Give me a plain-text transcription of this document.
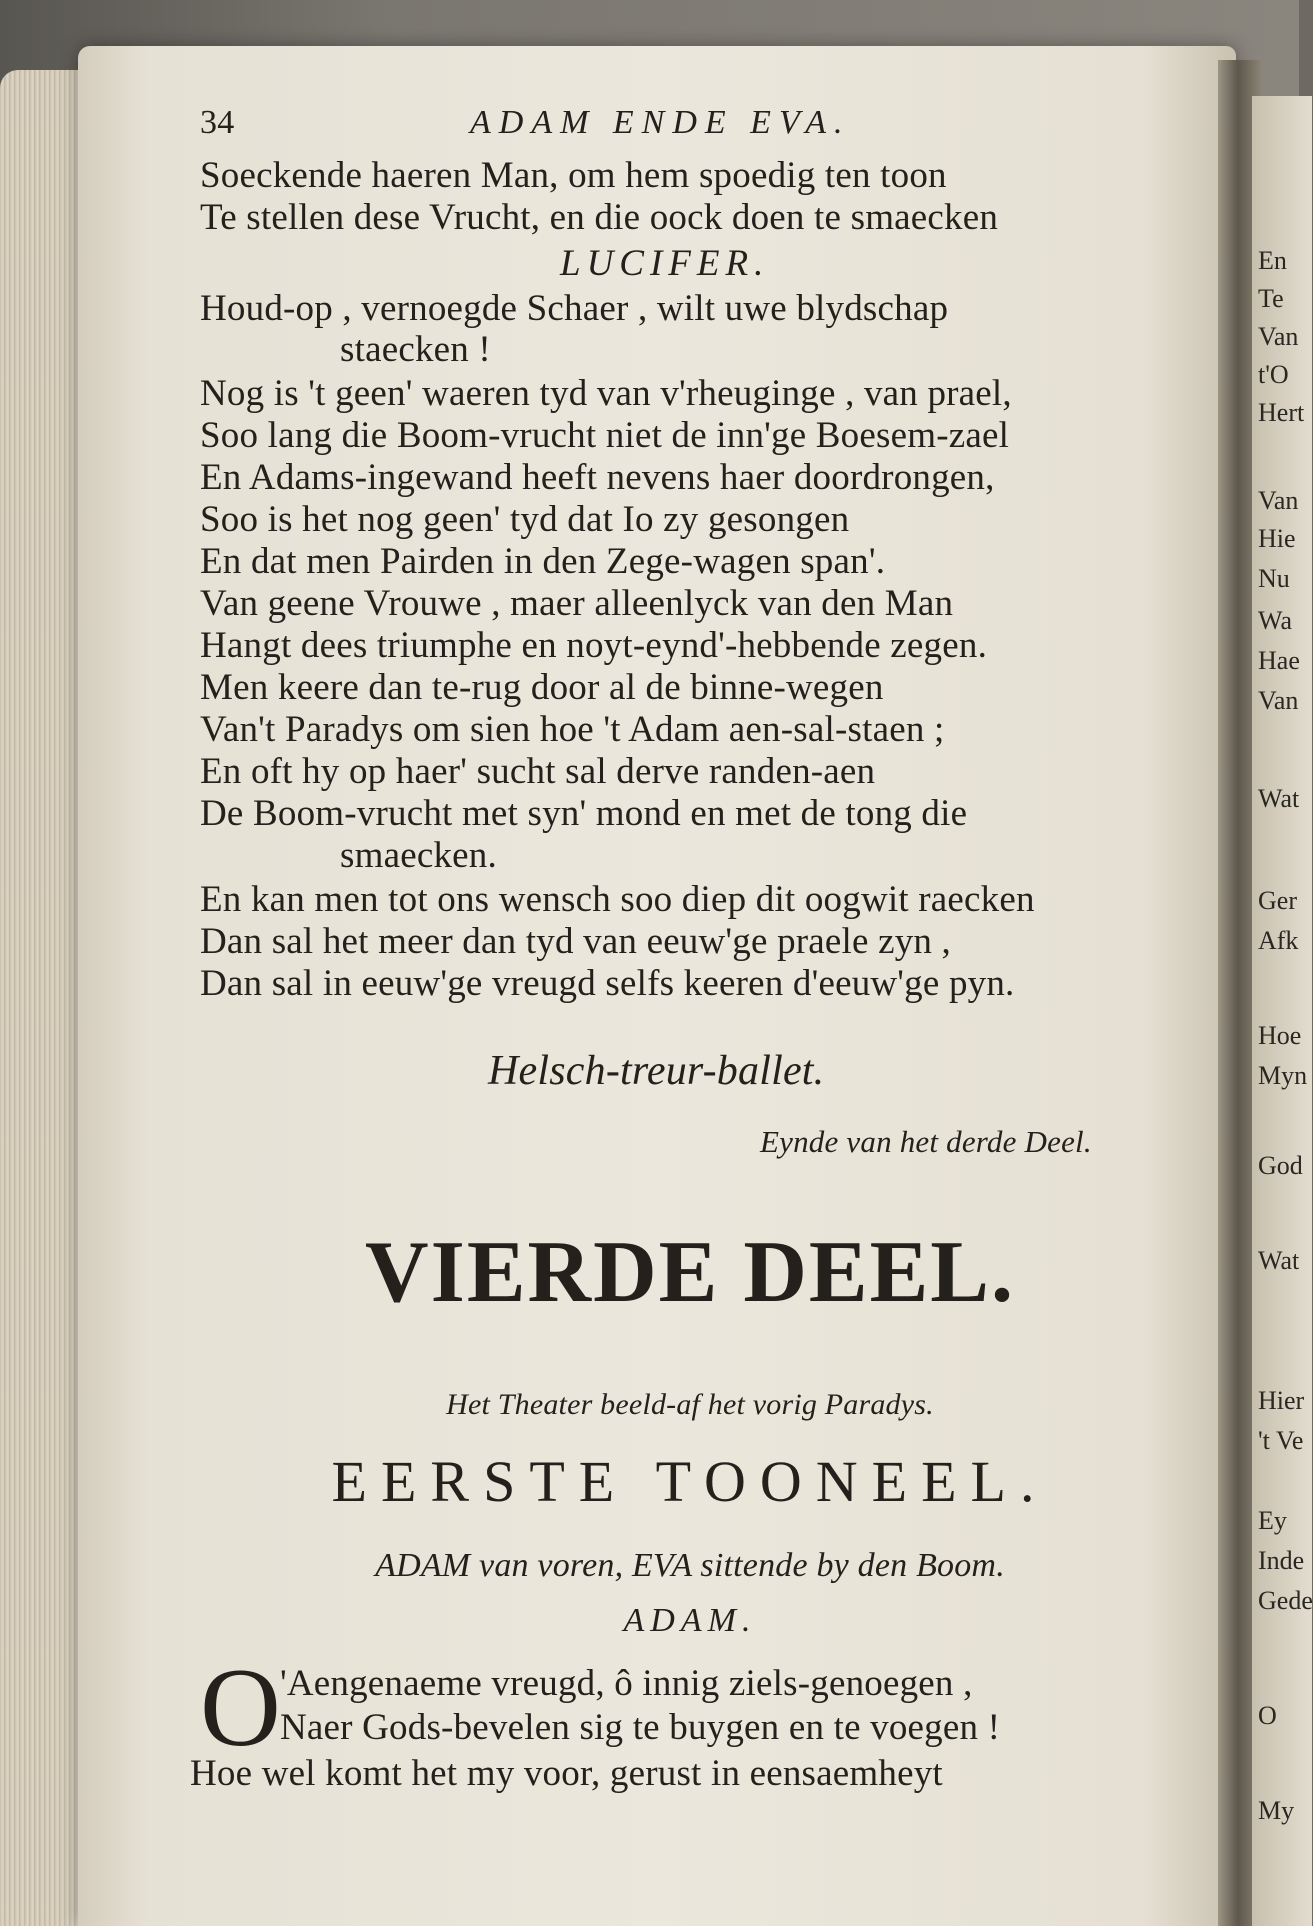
En
Te
Van
t'O
Hert
Van
Hie
Nu
Wa
Hae
Van
Wat
Ger
Afk
Hoe
Myn
God
Wat
Hier
't Ve
Ey
Inde
Gede
O
My
34	ADAM ENDE EVA.
Soeckende haeren Man, om hem spoedig ten toon
Te stellen dese Vrucht, en die oock doen te smaecken
LUCIFER.
Houd-op , vernoegde Schaer , wilt uwe blydschap
staecken !
Nog is 't geen' waeren tyd van v'rheuginge , van prael,
Soo lang die Boom-vrucht niet de inn'ge Boesem-zael
En Adams-ingewand heeft nevens haer doordrongen,
Soo is het nog geen' tyd dat Io zy gesongen
En dat men Pairden in den Zege-wagen span'.
Van geene Vrouwe , maer alleenlyck van den Man
Hangt dees triumphe en noyt-eynd'-hebbende zegen.
Men keere dan te-rug door al de binne-wegen
Van't Paradys om sien hoe 't Adam aen-sal-staen ;
En oft hy op haer' sucht sal derve randen-aen
De Boom-vrucht met syn' mond en met de tong die
smaecken.
En kan men tot ons wensch soo diep dit oogwit raecken
Dan sal het meer dan tyd van eeuw'ge praele zyn ,
Dan sal in eeuw'ge vreugd selfs keeren d'eeuw'ge pyn.
Helsch-treur-ballet.
Eynde van het derde Deel.
VIERDE DEEL.
Het Theater beeld-af het vorig Paradys.
EERSTE TOONEEL.
ADAM van voren, EVA sittende by den Boom.
ADAM.
O 'Aengenaeme vreugd, ô innig ziels-genoegen ,
Naer Gods-bevelen sig te buygen en te voegen !
Hoe wel komt het my voor, gerust in eensaemheyt
